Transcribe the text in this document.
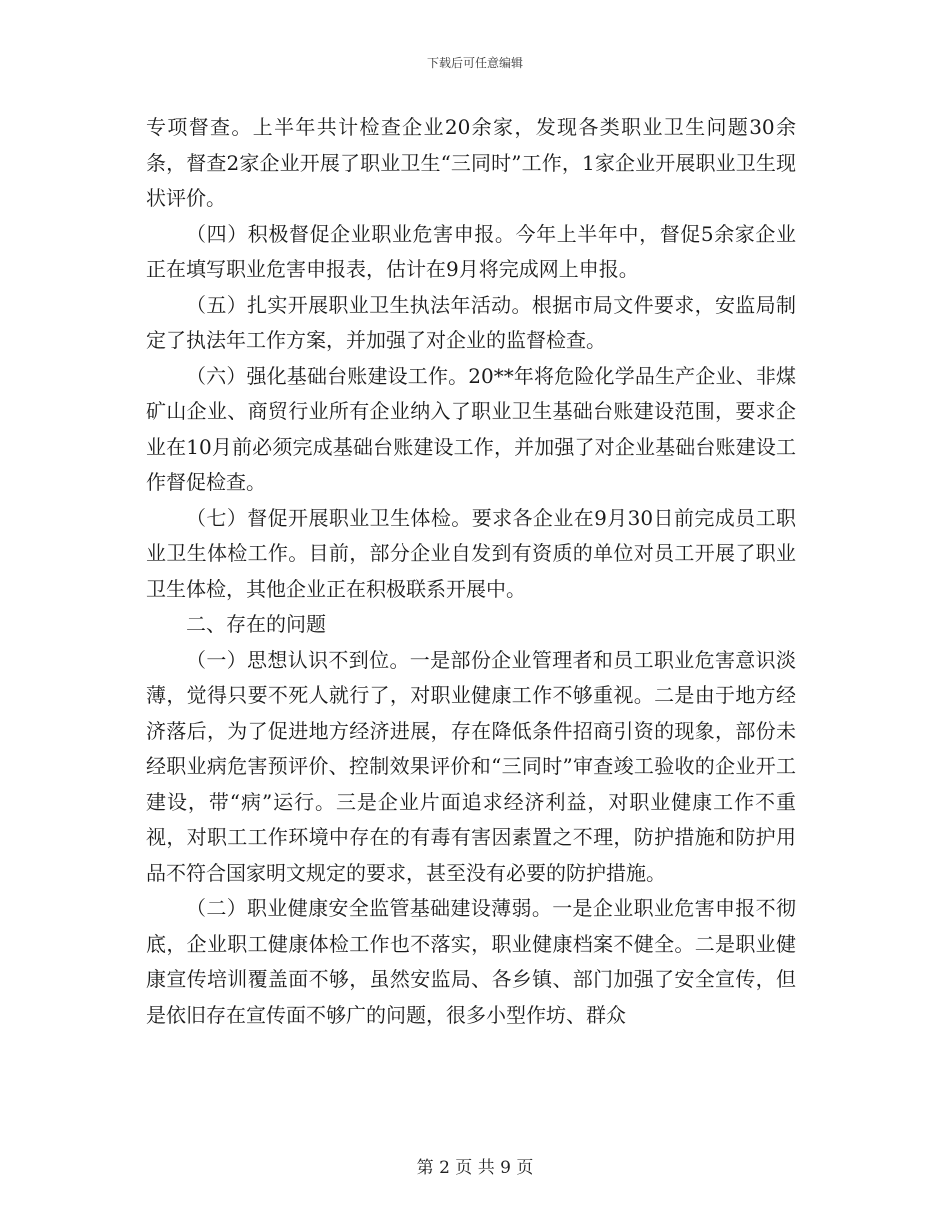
下载后可任意编辑

专项督查。上半年共计检查企业20余家，发现各类职业卫生问题30余条，督查2家企业开展了职业卫生“三同时”工作，1家企业开展职业卫生现状评价。

（四）积极督促企业职业危害申报。今年上半年中，督促5余家企业正在填写职业危害申报表，估计在9月将完成网上申报。

（五）扎实开展职业卫生执法年活动。根据市局文件要求，安监局制定了执法年工作方案，并加强了对企业的监督检查。

（六）强化基础台账建设工作。20**年将危险化学品生产企业、非煤矿山企业、商贸行业所有企业纳入了职业卫生基础台账建设范围，要求企业在10月前必须完成基础台账建设工作，并加强了对企业基础台账建设工作督促检查。

（七）督促开展职业卫生体检。要求各企业在9月30日前完成员工职业卫生体检工作。目前，部分企业自发到有资质的单位对员工开展了职业卫生体检，其他企业正在积极联系开展中。

二、存在的问题

（一）思想认识不到位。一是部份企业管理者和员工职业危害意识淡薄，觉得只要不死人就行了，对职业健康工作不够重视。二是由于地方经济落后，为了促进地方经济进展，存在降低条件招商引资的现象，部份未经职业病危害预评价、控制效果评价和“三同时”审查竣工验收的企业开工建设，带“病”运行。三是企业片面追求经济利益，对职业健康工作不重视，对职工工作环境中存在的有毒有害因素置之不理，防护措施和防护用品不符合国家明文规定的要求，甚至没有必要的防护措施。

（二）职业健康安全监管基础建设薄弱。一是企业职业危害申报不彻底，企业职工健康体检工作也不落实，职业健康档案不健全。二是职业健康宣传培训覆盖面不够，虽然安监局、各乡镇、部门加强了安全宣传，但是依旧存在宣传面不够广的问题，很多小型作坊、群众

第 2 页 共 9 页
